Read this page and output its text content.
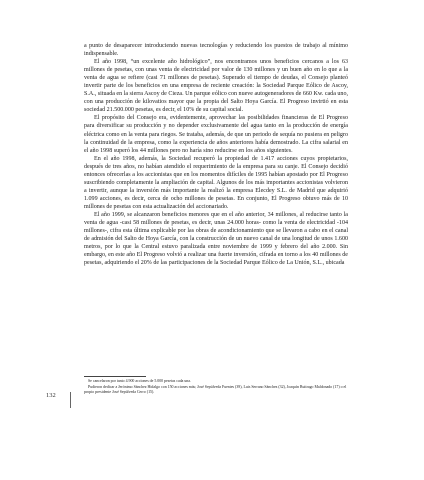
a punto de desaparecer introduciendo nuevas tecnologías y reduciendo los puestos de trabajo al mínimo indispensable.

El año 1998, “un excelente año hidrológico”, nos encontramos unos beneficios cercanos a los 63 millones de pesetas, con unas venta de electricidad por valor de 130 millones y un buen año en lo que a la venta de agua se refiere (casi 71 millones de pesetas). Superado el tiempo de deudas, el Consejo planteó invertir parte de los beneficios en una empresa de reciente creación: la Sociedad Parque Eólico de Ascoy, S.A., situada en la sierra Ascoy de Cieza. Un parque eólico con nueve autogeneradores de 660 Kw. cada uno, con una producción de kilovatios mayor que la propia del Salto Hoya García. El Progreso invirtió en esta sociedad 21.500.000 pesetas, es decir, el 10% de su capital social.

El propósito del Consejo era, evidentemente, aprovechar las posibilidades financieras de El Progreso para diversificar su producción y no depender exclusivamente del agua tanto en la producción de energía eléctrica como en la venta para riegos. Se trataba, además, de que un periodo de sequía no pusiera en peligro la continuidad de la empresa, como la experiencia de años anteriores había demostrado. La cifra salarial en el año 1998 superó los 44 millones pero no haría sino reducirse en los años siguientes.

En el año 1998, además, la Sociedad recuperó la propiedad de 1.417 acciones cuyos propietarios, después de tres años, no habían atendido el requerimiento de la empresa para su canje. El Consejo decidió entonces ofrecerlas a los accionistas que en los momentos difíciles de 1995 habían apostado por El Progreso suscribiendo completamente la ampliación de capital. Algunos de los más importantes accionistas volvieron a invertir, aunque la inversión más importante la realizó la empresa Elecdey S.L. de Madrid que adquirió 1.099 acciones, es decir, cerca de ocho millones de pesetas. En conjunto, El Progreso obtuvo más de 10 millones de pesetas con esta actualización del accionariado.

El año 1999, se alcanzaron beneficios menores que en el año anterior, 34 millones, al reducirse tanto la venta de agua -casi 58 millones de pesetas, es decir, unas 24.000 horas- como la venta de electricidad -104 millones-, cifra esta última explicable por las obras de acondicionamiento que se llevaron a cabo en el canal de admisión del Salto de Hoya García, con la construcción de un nuevo canal de una longitud de unos 1.600 metros, por lo que la Central estuvo paralizada entre noviembre de 1999 y febrero del año 2.000. Sin embargo, en este año El Progreso volvió a realizar una fuerte inversión, cifrada en torno a los 40 millones de pesetas, adquiriendo el 20% de las participaciones de la Sociedad Parque Eólico de La Unión, S.L., ubicada

Se cancelaron por tanto 4.900 acciones de 5.000 pesetas cada una.

Pudieron dedicar a Jerónimo Sánchez Hidalgo con 150 acciones más; José Sepúlveda Fuentes (39), Luis Serrano Sánchez (32), Joaquín Buitrago Maldonado (17) o el propio presidente José Sepúlveda Cerro (15).

132
